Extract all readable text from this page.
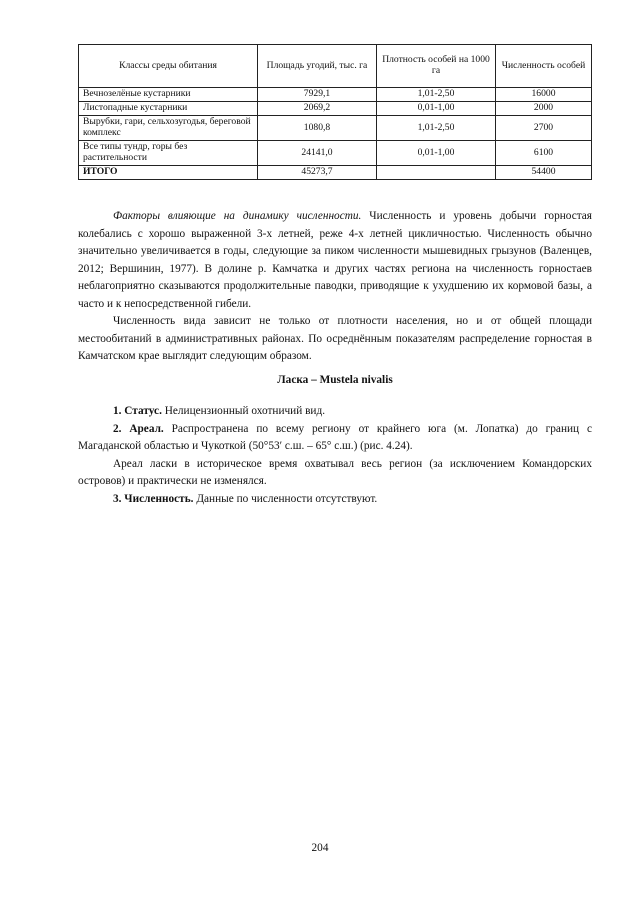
Классы среды обитания	Площадь угодий, тыс. га	Плотность особей на 1000 га	Численность особей
Вечнозелёные кустарники	7929,1	1,01-2,50	16000
Листопадные кустарники	2069,2	0,01-1,00	2000
Вырубки, гари, сельхозугодья, береговой комплекс	1080,8	1,01-2,50	2700
Все типы тундр, горы без растительности	24141,0	0,01-1,00	6100
ИТОГО	45273,7		54400

Факторы влияющие на динамику численности. Численность и уровень добычи горностая колебались с хорошо выраженной 3-х летней, реже 4-х летней цикличностью. Численность обычно значительно увеличивается в годы, следующие за пиком численности мышевидных грызунов (Валенцев, 2012; Вершинин, 1977). В долине р. Камчатка и других частях региона на численность горностаев неблагоприятно сказываются продолжительные паводки, приводящие к ухудшению их кормовой базы, а часто и к непосредственной гибели.

Численность вида зависит не только от плотности населения, но и от общей площади местообитаний в административных районах. По осреднённым показателям распределение горностая в Камчатском крае выглядит следующим образом.

Ласка – Mustela nivalis

1. Статус. Нелицензионный охотничий вид.

2. Ареал. Распространена по всему региону от крайнего юга (м. Лопатка) до границ с Магаданской областью и Чукоткой (50°53′ с.ш. – 65° с.ш.) (рис. 4.24).

Ареал ласки в историческое время охватывал весь регион (за исключением Командорских островов) и практически не изменялся.

3. Численность. Данные по численности отсутствуют.

204
